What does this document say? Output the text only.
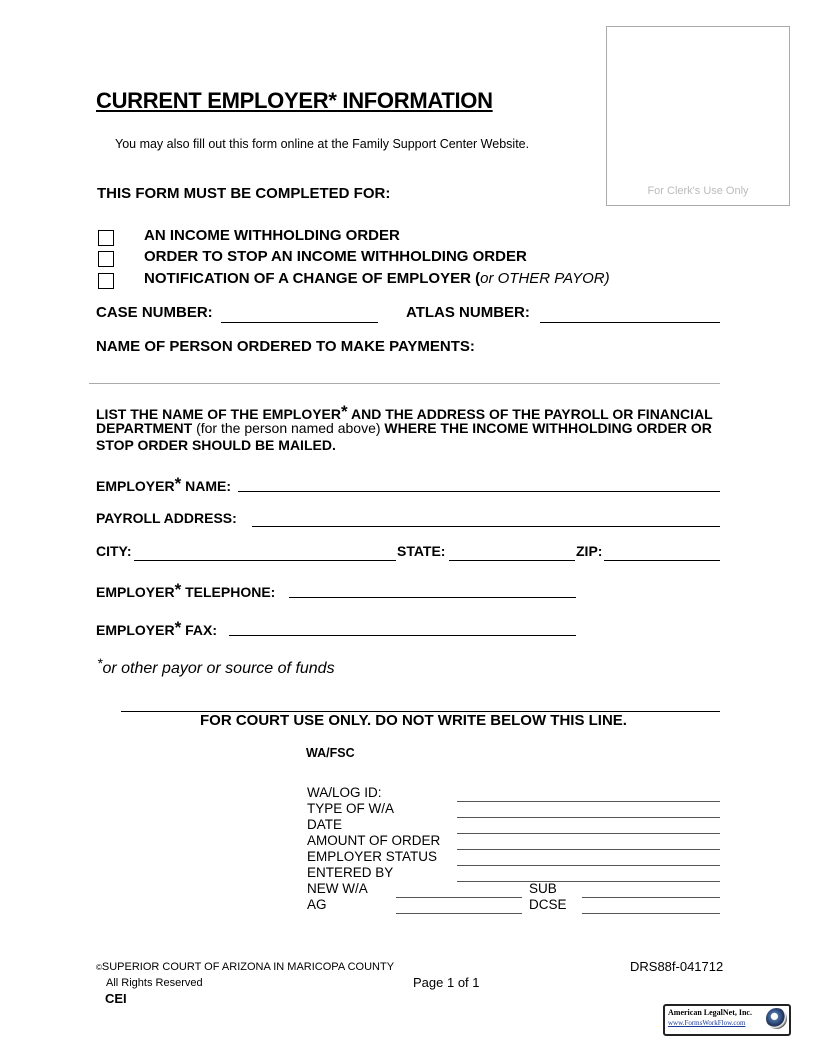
For Clerk's Use Only
CURRENT EMPLOYER* INFORMATION
You may also fill out this form online at the Family Support Center Website.
THIS FORM MUST BE COMPLETED FOR:
AN INCOME WITHHOLDING ORDER
ORDER TO STOP AN INCOME WITHHOLDING ORDER
NOTIFICATION OF A CHANGE OF EMPLOYER (or OTHER PAYOR)
CASE NUMBER:	ATLAS NUMBER:
NAME OF PERSON ORDERED TO MAKE PAYMENTS:
LIST THE NAME OF THE EMPLOYER* AND THE ADDRESS OF THE PAYROLL OR FINANCIAL
DEPARTMENT (for the person named above) WHERE THE INCOME WITHHOLDING ORDER OR
STOP ORDER SHOULD BE MAILED.
EMPLOYER* NAME:
PAYROLL ADDRESS:
CITY:	STATE:	ZIP:
EMPLOYER* TELEPHONE:
EMPLOYER* FAX:
*or other payor or source of funds
FOR COURT USE ONLY. DO NOT WRITE BELOW THIS LINE.
WA/FSC
WA/LOG ID:
TYPE OF W/A
DATE
AMOUNT OF ORDER
EMPLOYER STATUS
ENTERED BY
NEW W/A	SUB
AG	DCSE
©SUPERIOR COURT OF ARIZONA IN MARICOPA COUNTY
All Rights Reserved
CEI
Page 1 of 1
DRS88f-041712
American LegalNet, Inc.
www.FormsWorkFlow.com
